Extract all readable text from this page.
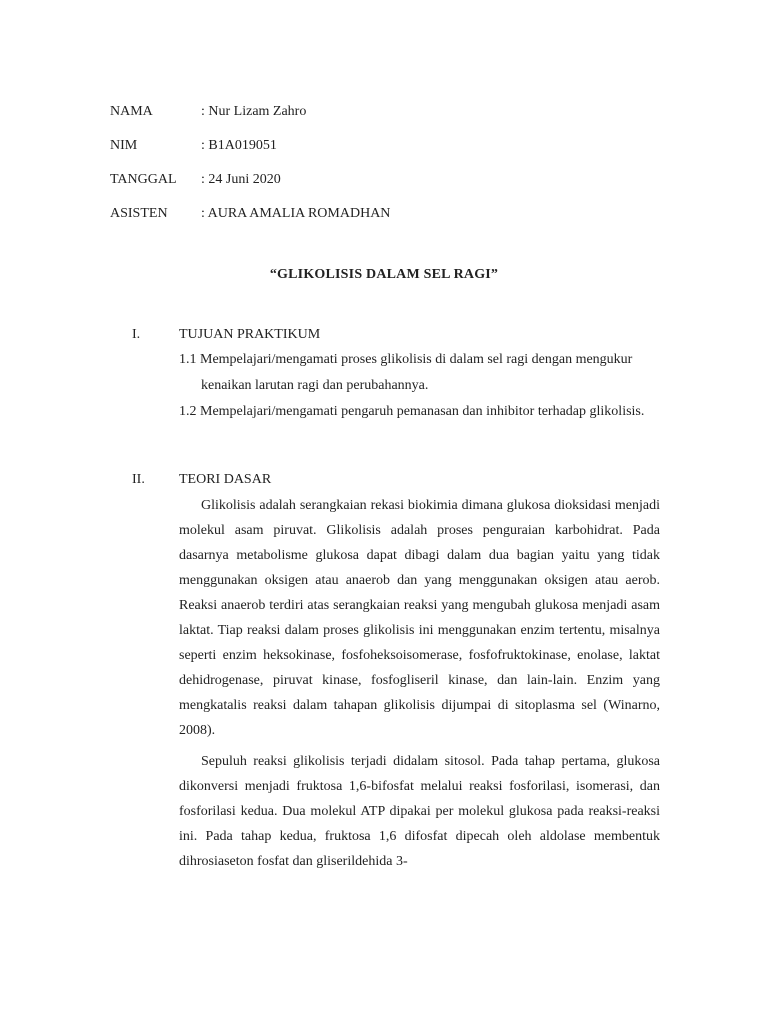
NAMA	: Nur Lizam Zahro
NIM	: B1A019051
TANGGAL	: 24 Juni 2020
ASISTEN	: AURA AMALIA ROMADHAN
“GLIKOLISIS DALAM SEL RAGI”
I.	TUJUAN PRAKTIKUM

1.1 Mempelajari/mengamati proses glikolisis di dalam sel ragi dengan mengukur kenaikan larutan ragi dan perubahannya.

1.2 Mempelajari/mengamati pengaruh pemanasan dan inhibitor terhadap glikolisis.

II.	TEORI DASAR

Glikolisis adalah serangkaian rekasi biokimia dimana glukosa dioksidasi menjadi molekul asam piruvat. Glikolisis adalah proses penguraian karbohidrat. Pada dasarnya metabolisme glukosa dapat dibagi dalam dua bagian yaitu yang tidak menggunakan oksigen atau anaerob dan yang menggunakan oksigen atau aerob. Reaksi anaerob terdiri atas serangkaian reaksi yang mengubah glukosa menjadi asam laktat. Tiap reaksi dalam proses glikolisis ini menggunakan enzim tertentu, misalnya seperti enzim heksokinase, fosfoheksoisomerase, fosfofruktokinase, enolase, laktat dehidrogenase, piruvat kinase, fosfogliseril kinase, dan lain-lain. Enzim yang mengkatalis reaksi dalam tahapan glikolisis dijumpai di sitoplasma sel (Winarno, 2008).

Sepuluh reaksi glikolisis terjadi didalam sitosol. Pada tahap pertama, glukosa dikonversi menjadi fruktosa 1,6-bifosfat melalui reaksi fosforilasi, isomerasi, dan fosforilasi kedua. Dua molekul ATP dipakai per molekul glukosa pada reaksi-reaksi ini. Pada tahap kedua, fruktosa 1,6 difosfat dipecah oleh aldolase membentuk dihrosiaseton fosfat dan gliserildehida 3-
